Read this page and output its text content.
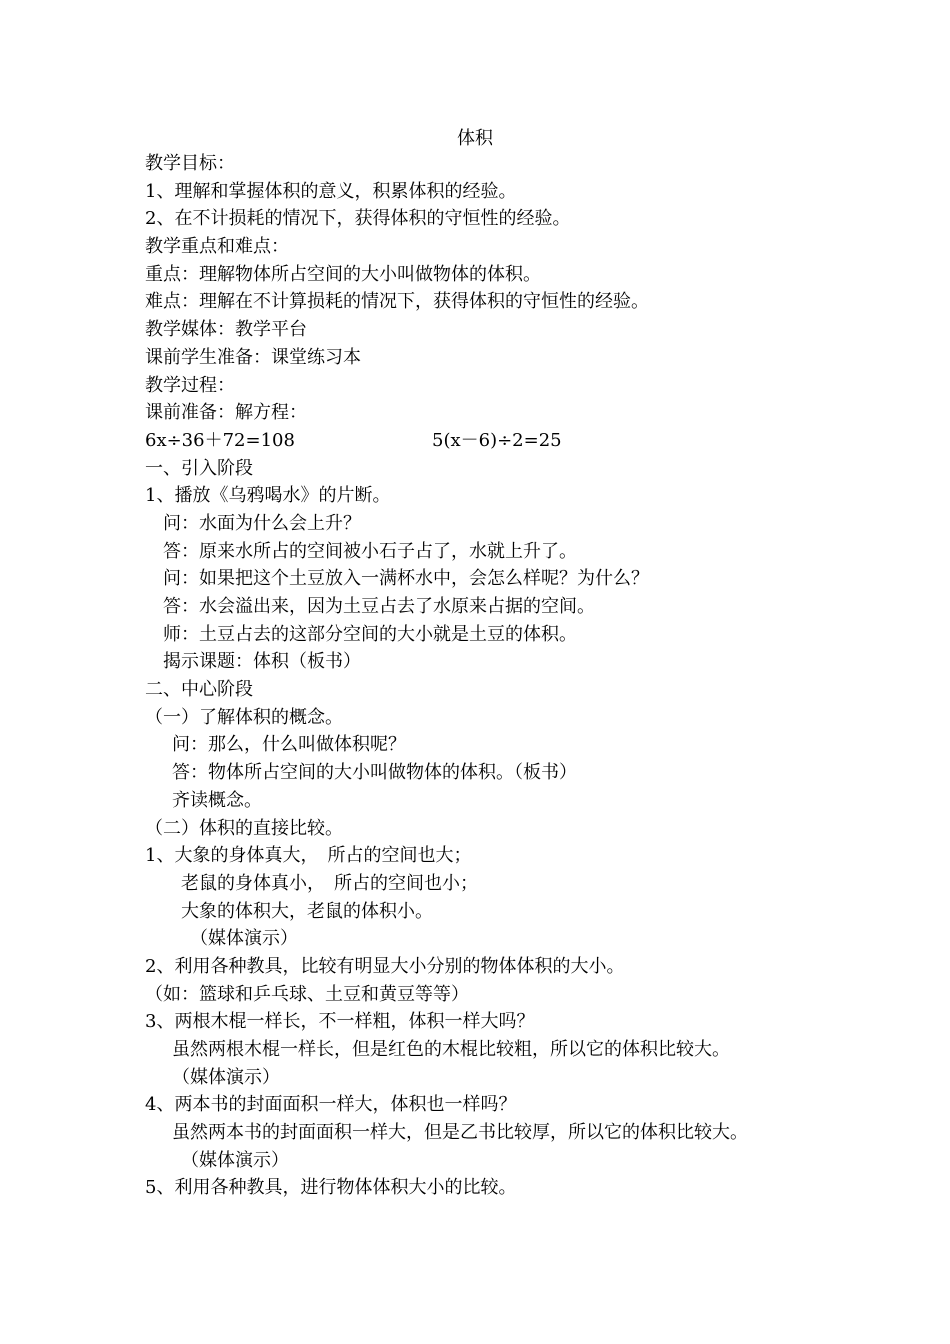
体积
教学目标：
1、理解和掌握体积的意义，积累体积的经验。
2、在不计损耗的情况下，获得体积的守恒性的经验。
教学重点和难点：
重点：理解物体所占空间的大小叫做物体的体积。
难点：理解在不计算损耗的情况下，获得体积的守恒性的经验。
教学媒体：教学平台
课前学生准备：课堂练习本
教学过程：
课前准备：解方程：
6x÷36＋72=108	5(x－6)÷2=25
一、引入阶段
1、播放《乌鸦喝水》的片断。
问：水面为什么会上升？
答：原来水所占的空间被小石子占了，水就上升了。
问：如果把这个土豆放入一满杯水中，会怎么样呢？为什么？
答：水会溢出来，因为土豆占去了水原来占据的空间。
师：土豆占去的这部分空间的大小就是土豆的体积。
揭示课题：体积（板书）
二、中心阶段
（一）了解体积的概念。
问：那么，什么叫做体积呢？
答：物体所占空间的大小叫做物体的体积。（板书）
齐读概念。
（二）体积的直接比较。
1、大象的身体真大，　所占的空间也大；
老鼠的身体真小，　所占的空间也小；
大象的体积大，老鼠的体积小。
（媒体演示）
2、利用各种教具，比较有明显大小分别的物体体积的大小。
（如：篮球和乒乓球、土豆和黄豆等等）
3、两根木棍一样长，不一样粗，体积一样大吗？
虽然两根木棍一样长，但是红色的木棍比较粗，所以它的体积比较大。
（媒体演示）
4、两本书的封面面积一样大，体积也一样吗？
虽然两本书的封面面积一样大，但是乙书比较厚，所以它的体积比较大。
（媒体演示）
5、利用各种教具，进行物体体积大小的比较。
